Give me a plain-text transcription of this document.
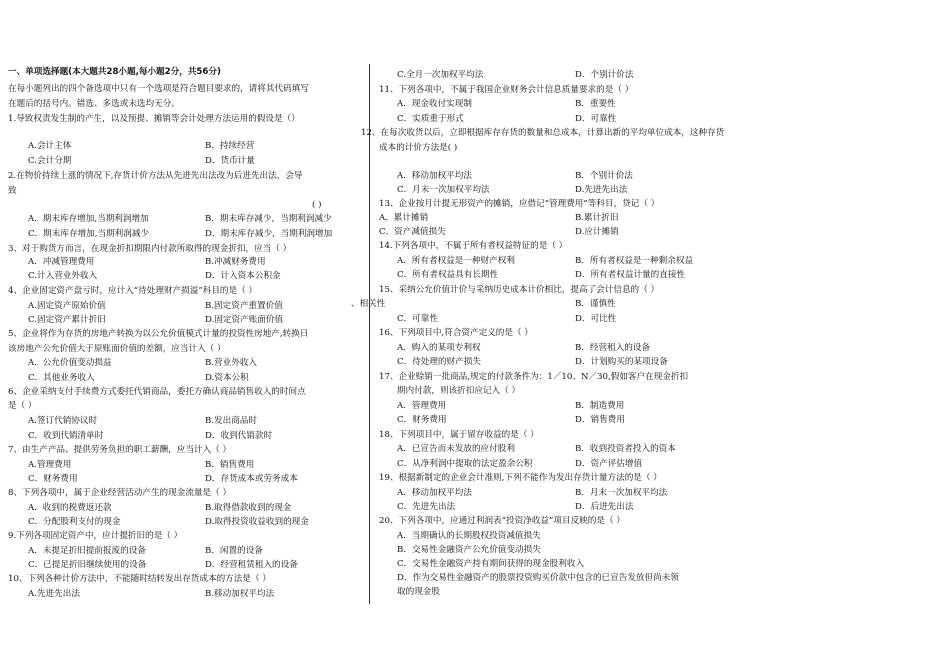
一、单项选择题(本大题共28小题,每小题2分，共56分)
在每小题列出的四个备选项中只有一个选项是符合题目要求的，请将其代码填写
在题后的括号内。错选、多选或未选均无分。
1.导致权责发生制的产生，以及预提、摊销等会计处理方法运用的假设是（）
A.会计主体	B．持续经营
C.会计分期	D．货币计量
2.在物价持续上涨的情况下,存货计价方法从先进先出法改为后进先出法，会导
致
( )
A．期末库存增加,当期利润增加	B．期末库存减少，当期利润减少
C．期末库存增加,当期利润减少	D．期末库存减少，当期利润增加
3、对于购货方而言，在现金折扣期限内付款所取得的现金折扣，应当（ ）
A．冲减管理费用	B.冲减财务费用
C.计入营业外收入	D．计入资本公积金
4、企业固定资产盘亏时，应计入“待处理财产损溢”科目的是（ ）
A.固定资产原始价值	B.固定资产重置价值
C.固定资产累计折旧	D.固定资产账面价值
5、企业将作为存货的房地产转换为以公允价值模式计量的投资性房地产,转换日
该房地产公允价值大于原账面价值的差额，应当计入（ ）
A．公允价值变动损益	B.营业外收入
C．其他业务收入	D.资本公积
6、企业采纳支付手续费方式委托代销商品，委托方确认商品销售收入的时间点
是（ ）
A.签订代销协议时	B.发出商品时
C．收到代销清单时	D．收到代销款时
7、由生产产品、提供劳务负担的职工薪酬，应当计入（ ）
A.管理费用	B．销售费用
C．财务费用	D．存货成本或劳务成本
8、下列各项中，属于企业经营活动产生的现金流量是（ ）
A．收到的税费返还款	B.取得借款收到的现金
C．分配股利支付的现金	D.取得投资收益收到的现金
9.下列各项固定资产中，应计提折旧的是（ ）
A．未提足折旧提前报废的设备	B．闲置的设备
C．已提足折旧继续使用的设备	D．经营租赁租入的设备
10、下列各种计价方法中，不能随时结转发出存货成本的方法是（ ）
A.先进先出法	B.移动加权平均法
C.全月一次加权平均法	D．个别计价法
11、下列各项中，不属于我国企业财务会计信息质量要求的是（ ）
A．现金收付实现制	B．重要性
C．实质重于形式	D．可靠性
12、在每次收货以后，立即根据库存存货的数量和总成本，计算出新的平均单位成本，这种存货
成本的计价方法是( )
A．移动加权平均法	B．个别计价法
C．月末一次加权平均法	D.先进先出法
13、企业按月计提无形资产的摊销，应借记“管理费用”等科目，贷记（ ）
A．累计摊销	B.累计折旧
C．资产减值损失	D.应计摊销
14.下列各项中，不属于所有者权益特征的是（ ）
A．所有者权益是一种财产权利	B．所有者权益是一种剩余权益
C．所有者权益具有长期性	D．所有者权益计量的直接性
15、采纳公允价值计价与采纳历史成本计价相比，提高了会计信息的（ ）
、相关性	B．谨慎性
C．可靠性	D．可比性
16、下列项目中,符合资产定义的是（ ）
A．购入的某项专利权	B．经营租入的设备
C．待处理的财产损失	D．计划购买的某项设备
17、企业赊销一批商品,规定的付款条件为：1／10、N／30,假如客户在现金折扣
期内付款，则该折扣应记入（ ）
A．管理费用	B．制造费用
C．财务费用	D．销售费用
18、下列项目中，属于留存收益的是（ ）
A．已宣告而未发放的应付股利	B．收到投资者投入的资本
C．从净利润中提取的法定盈余公积	D．资产评估增值
19、根据新制定的企业会计准则,下列不能作为发出存货计量方法的是（ ）
A．移动加权平均法	B．月末一次加权平均法
C．先进先出法	D．后进先出法
20、下列各项中，应通过利润表“投资净收益”项目反映的是（ ）
A．当期确认的长期股权投资减值损失
B．交易性金融资产公允价值变动损失
C．交易性金融资产持有期间获得的现金股利收入
D．作为交易性金融资产的股票投资购买价款中包含的已宣告发放但尚未领
取的现金股
